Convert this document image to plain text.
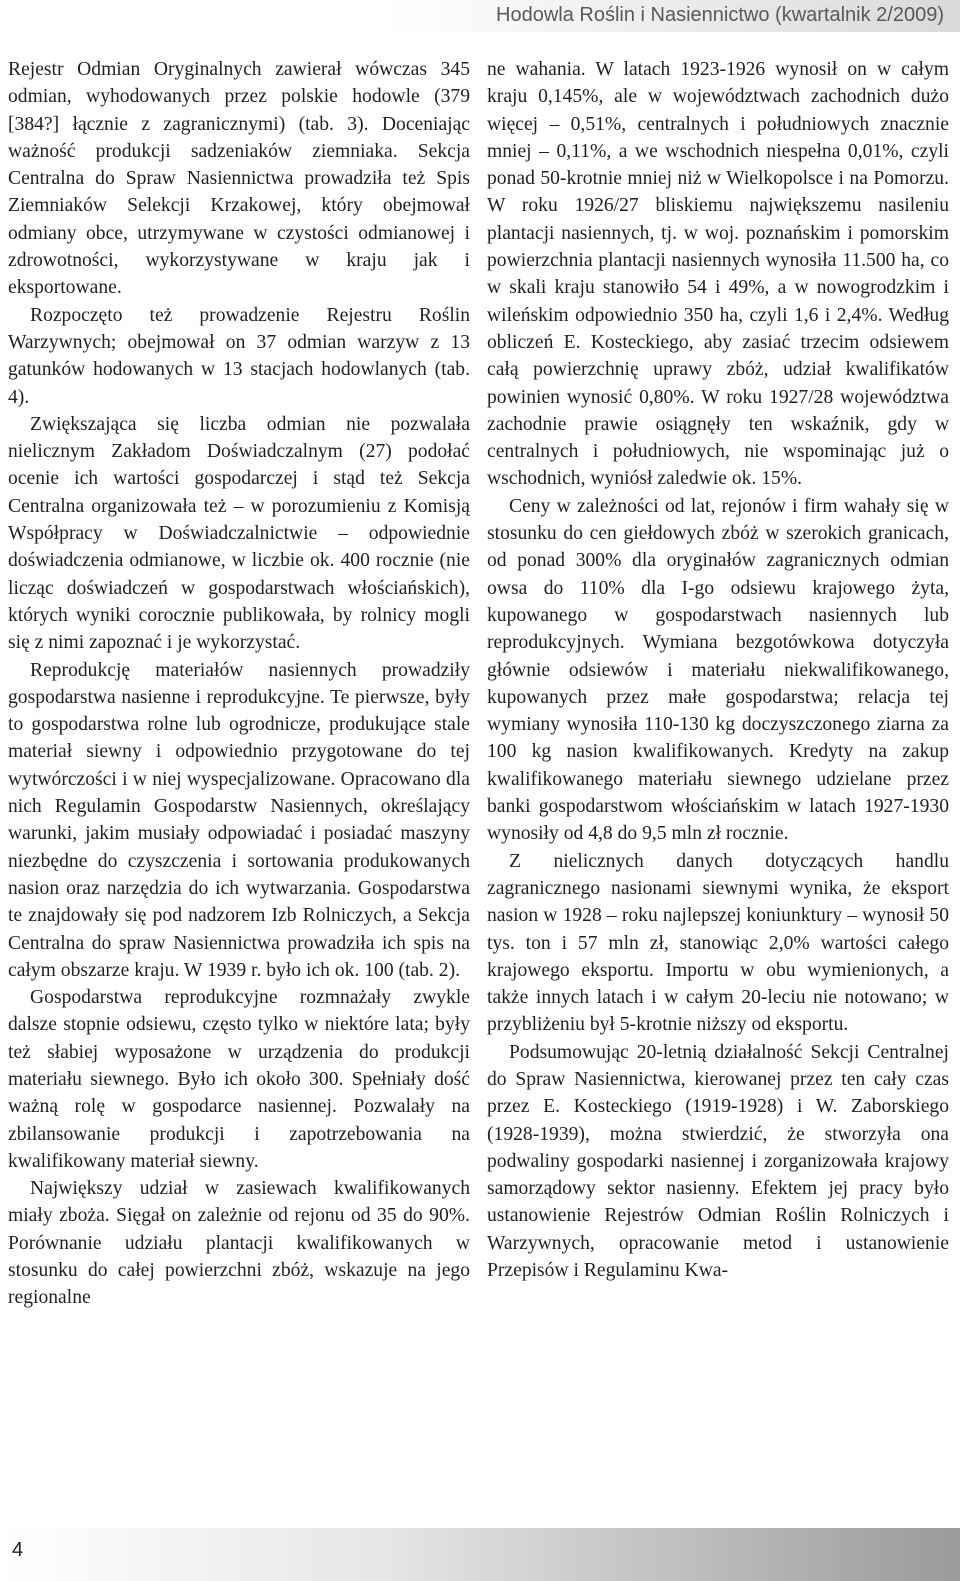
Hodowla Roślin i Nasiennictwo (kwartalnik 2/2009)

Rejestr Odmian Oryginalnych zawierał wówczas 345 odmian, wyhodowanych przez polskie hodowle (379 [384?] łącznie z zagranicznymi) (tab. 3). Doceniając ważność produkcji sadzeniaków ziemniaka. Sekcja Centralna do Spraw Nasiennictwa prowadziła też Spis Ziemniaków Selekcji Krzakowej, który obejmował odmiany obce, utrzymywane w czystości odmianowej i zdrowotności, wykorzystywane w kraju jak i eksportowane.

Rozpoczęto też prowadzenie Rejestru Roślin Warzywnych; obejmował on 37 odmian warzyw z 13 gatunków hodowanych w 13 stacjach hodowlanych (tab. 4).

Zwiększająca się liczba odmian nie pozwalała nielicznym Zakładom Doświadczalnym (27) podołać ocenie ich wartości gospodarczej i stąd też Sekcja Centralna organizowała też – w porozumieniu z Komisją Współpracy w Doświadczalnictwie – odpowiednie doświadczenia odmianowe, w liczbie ok. 400 rocznie (nie licząc doświadczeń w gospodarstwach włościańskich), których wyniki corocznie publikowała, by rolnicy mogli się z nimi zapoznać i je wykorzystać.

Reprodukcję materiałów nasiennych prowadziły gospodarstwa nasienne i reprodukcyjne. Te pierwsze, były to gospodarstwa rolne lub ogrodnicze, produkujące stale materiał siewny i odpowiednio przygotowane do tej wytwórczości i w niej wyspecjalizowane. Opracowano dla nich Regulamin Gospodarstw Nasiennych, określający warunki, jakim musiały odpowiadać i posiadać maszyny niezbędne do czyszczenia i sortowania produkowanych nasion oraz narzędzia do ich wytwarzania. Gospodarstwa te znajdowały się pod nadzorem Izb Rolniczych, a Sekcja Centralna do spraw Nasiennictwa prowadziła ich spis na całym obszarze kraju. W 1939 r. było ich ok. 100 (tab. 2).

Gospodarstwa reprodukcyjne rozmnażały zwykle dalsze stopnie odsiewu, często tylko w niektóre lata; były też słabiej wyposażone w urządzenia do produkcji materiału siewnego. Było ich około 300. Spełniały dość ważną rolę w gospodarce nasiennej. Pozwalały na zbilansowanie produkcji i zapotrzebowania na kwalifikowany materiał siewny.

Największy udział w zasiewach kwalifikowanych miały zboża. Sięgał on zależnie od rejonu od 35 do 90%. Porównanie udziału plantacji kwalifikowanych w stosunku do całej powierzchni zbóż, wskazuje na jego regionalne

ne wahania. W latach 1923-1926 wynosił on w całym kraju 0,145%, ale w województwach zachodnich dużo więcej – 0,51%, centralnych i południowych znacznie mniej – 0,11%, a we wschodnich niespełna 0,01%, czyli ponad 50-krotnie mniej niż w Wielkopolsce i na Pomorzu. W roku 1926/27 bliskiemu największemu nasileniu plantacji nasiennych, tj. w woj. poznańskim i pomorskim powierzchnia plantacji nasiennych wynosiła 11.500 ha, co w skali kraju stanowiło 54 i 49%, a w nowogrodzkim i wileńskim odpowiednio 350 ha, czyli 1,6 i 2,4%. Według obliczeń E. Kosteckiego, aby zasiać trzecim odsiewem całą powierzchnię uprawy zbóż, udział kwalifikatów powinien wynosić 0,80%. W roku 1927/28 województwa zachodnie prawie osiągnęły ten wskaźnik, gdy w centralnych i południowych, nie wspominając już o wschodnich, wyniósł zaledwie ok. 15%.

Ceny w zależności od lat, rejonów i firm wahały się w stosunku do cen giełdowych zbóż w szerokich granicach, od ponad 300% dla oryginałów zagranicznych odmian owsa do 110% dla I-go odsiewu krajowego żyta, kupowanego w gospodarstwach nasiennych lub reprodukcyjnych. Wymiana bezgotówkowa dotyczyła głównie odsiewów i materiału niekwalifikowanego, kupowanych przez małe gospodarstwa; relacja tej wymiany wynosiła 110-130 kg doczyszczonego ziarna za 100 kg nasion kwalifikowanych. Kredyty na zakup kwalifikowanego materiału siewnego udzielane przez banki gospodarstwom włościańskim w latach 1927-1930 wynosiły od 4,8 do 9,5 mln zł rocznie.

Z nielicznych danych dotyczących handlu zagranicznego nasionami siewnymi wynika, że eksport nasion w 1928 – roku najlepszej koniunktury – wynosił 50 tys. ton i 57 mln zł, stanowiąc 2,0% wartości całego krajowego eksportu. Importu w obu wymienionych, a także innych latach i w całym 20-leciu nie notowano; w przybliżeniu był 5-krotnie niższy od eksportu.

Podsumowując 20-letnią działalność Sekcji Centralnej do Spraw Nasiennictwa, kierowanej przez ten cały czas przez E. Kosteckiego (1919-1928) i W. Zaborskiego (1928-1939), można stwierdzić, że stworzyła ona podwaliny gospodarki nasiennej i zorganizowała krajowy samorządowy sektor nasienny. Efektem jej pracy było ustanowienie Rejestrów Odmian Roślin Rolniczych i Warzywnych, opracowanie metod i ustanowienie Przepisów i Regulaminu Kwa-

4
